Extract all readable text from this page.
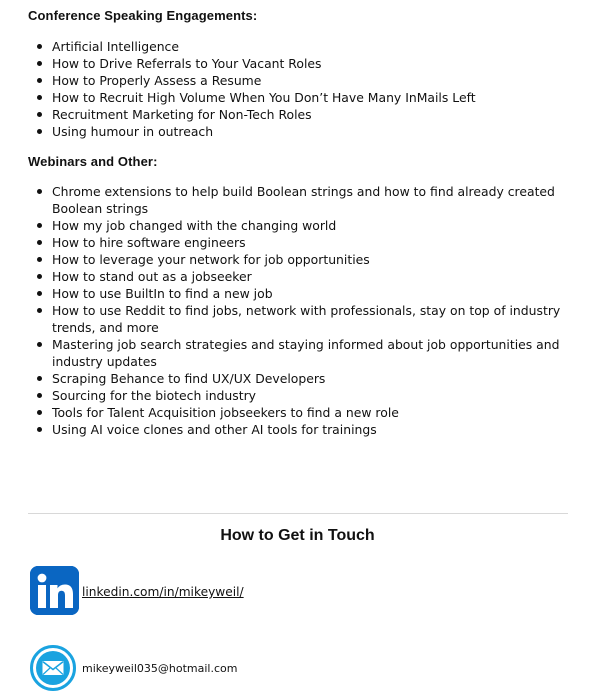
Conference Speaking Engagements:
Artificial Intelligence
How to Drive Referrals to Your Vacant Roles
How to Properly Assess a Resume
How to Recruit High Volume When You Don’t Have Many InMails Left
Recruitment Marketing for Non-Tech Roles
Using humour in outreach
Webinars and Other:
Chrome extensions to help build Boolean strings and how to find already created Boolean strings
How my job changed with the changing world
How to hire software engineers
How to leverage your network for job opportunities
How to stand out as a jobseeker
How to use BuiltIn to find a new job
How to use Reddit to find jobs, network with professionals, stay on top of industry trends, and more
Mastering job search strategies and staying informed about job opportunities and industry updates
Scraping Behance to find UX/UX Developers
Sourcing for the biotech industry
Tools for Talent Acquisition jobseekers to find a new role
Using AI voice clones and other AI tools for trainings
How to Get in Touch
linkedin.com/in/mikeyweil/
mikeyweil035@hotmail.com
